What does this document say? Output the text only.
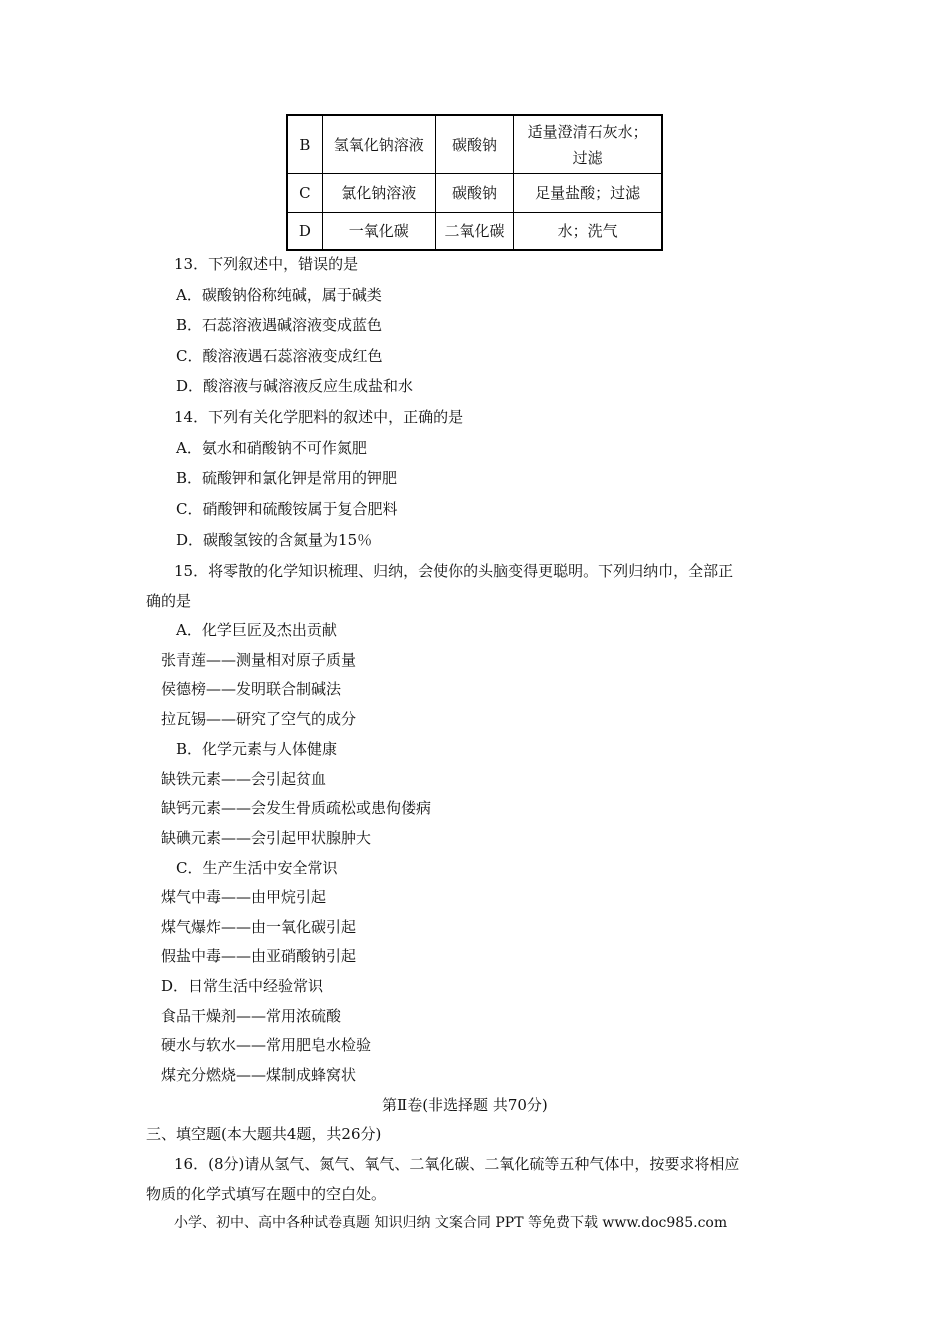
B	氢氧化钠溶液	碳酸钠	适量澄清石灰水；
过滤
C	氯化钠溶液	碳酸钠	足量盐酸；过滤
D	一氧化碳	二氧化碳	水；洗气
13．下列叙述中，错误的是
A．碳酸钠俗称纯碱，属于碱类
B．石蕊溶液遇碱溶液变成蓝色
C．酸溶液遇石蕊溶液变成红色
D．酸溶液与碱溶液反应生成盐和水
14．下列有关化学肥料的叙述中，正确的是
A．氨水和硝酸钠不可作氮肥
B．硫酸钾和氯化钾是常用的钾肥
C．硝酸钾和硫酸铵属于复合肥料
D．碳酸氢铵的含氮量为15％
15．将零散的化学知识梳理、归纳，会使你的头脑变得更聪明。下列归纳巾，全部正
确的是
A．化学巨匠及杰出贡献
张青莲——测量相对原子质量
侯德榜——发明联合制碱法
拉瓦锡——研究了空气的成分
B．化学元素与人体健康
缺铁元素——会引起贫血
缺钙元素——会发生骨质疏松或患佝偻病
缺碘元素——会引起甲状腺肿大
C．生产生活中安全常识
煤气中毒——由甲烷引起
煤气爆炸——由一氧化碳引起
假盐中毒——由亚硝酸钠引起
D．日常生活中经验常识
食品干燥剂——常用浓硫酸
硬水与软水——常用肥皂水检验
煤充分燃烧——煤制成蜂窝状
第Ⅱ卷(非选择题 共70分)
三、填空题(本大题共4题，共26分)
16．(8分)请从氢气、氮气、氧气、二氧化碳、二氧化硫等五种气体中，按要求将相应
物质的化学式填写在题中的空白处。
小学、初中、高中各种试卷真题 知识归纳 文案合同 PPT 等免费下载 www.doc985.com
